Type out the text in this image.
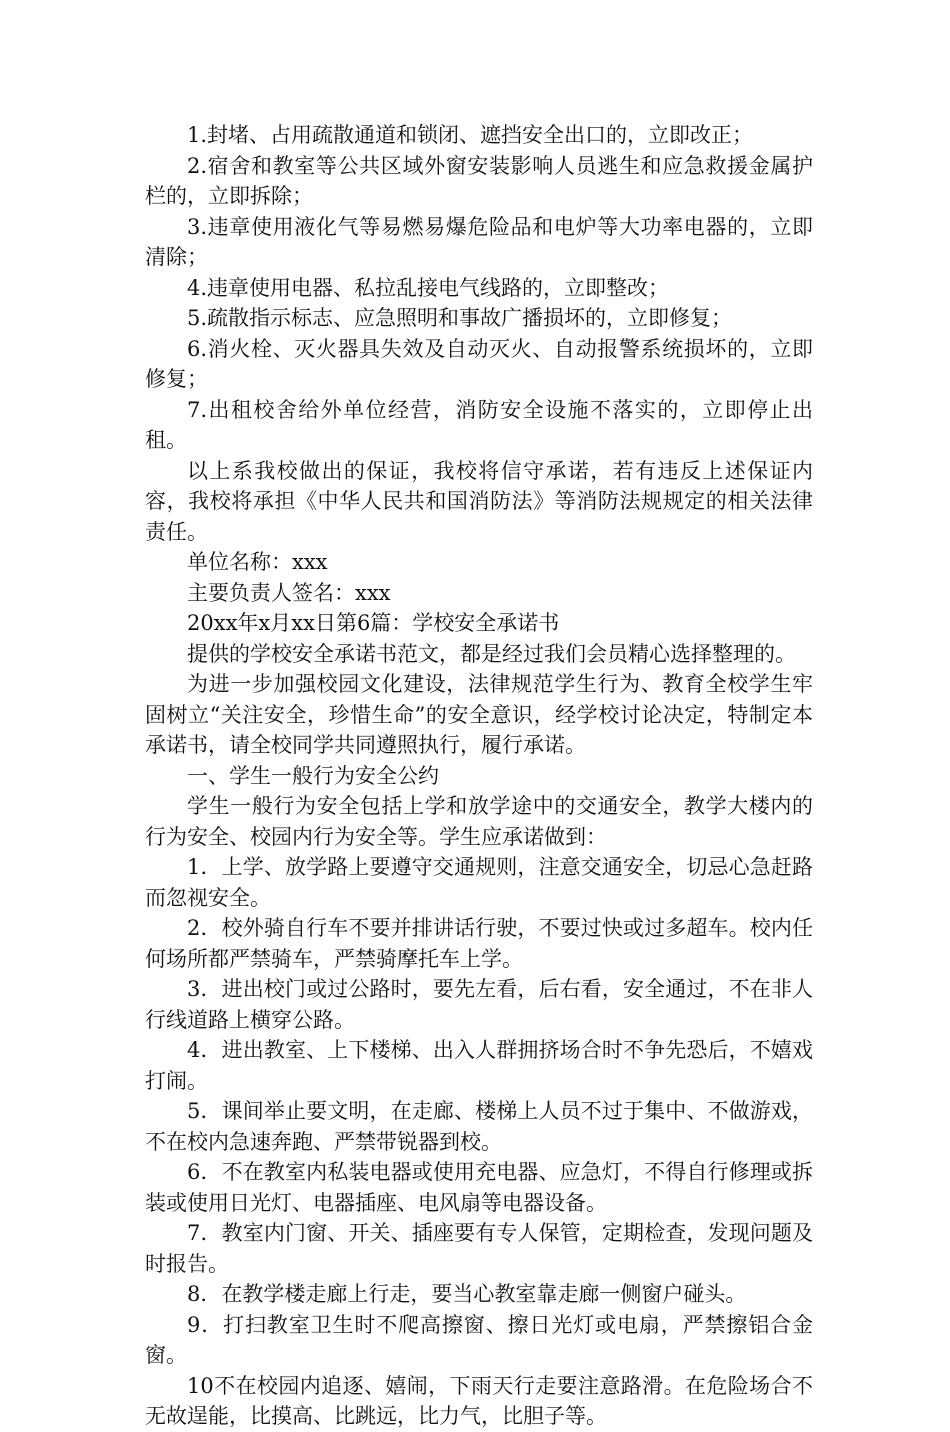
1.封堵、占用疏散通道和锁闭、遮挡安全出口的，立即改正；

2.宿舍和教室等公共区域外窗安装影响人员逃生和应急救援金属护栏的，立即拆除；

3.违章使用液化气等易燃易爆危险品和电炉等大功率电器的，立即清除；

4.违章使用电器、私拉乱接电气线路的，立即整改；

5.疏散指示标志、应急照明和事故广播损坏的，立即修复；

6.消火栓、灭火器具失效及自动灭火、自动报警系统损坏的，立即修复；

7.出租校舍给外单位经营，消防安全设施不落实的，立即停止出租。

以上系我校做出的保证，我校将信守承诺，若有违反上述保证内容，我校将承担《中华人民共和国消防法》等消防法规规定的相关法律责任。

单位名称：xxx

主要负责人签名：xxx

20xx年x月xx日第6篇：学校安全承诺书

提供的学校安全承诺书范文，都是经过我们会员精心选择整理的。

为进一步加强校园文化建设，法律规范学生行为、教育全校学生牢固树立“关注安全，珍惜生命”的安全意识，经学校讨论决定，特制定本承诺书，请全校同学共同遵照执行，履行承诺。

一、学生一般行为安全公约

学生一般行为安全包括上学和放学途中的交通安全，教学大楼内的行为安全、校园内行为安全等。学生应承诺做到：

1．上学、放学路上要遵守交通规则，注意交通安全，切忌心急赶路而忽视安全。

2．校外骑自行车不要并排讲话行驶，不要过快或过多超车。校内任何场所都严禁骑车，严禁骑摩托车上学。

3．进出校门或过公路时，要先左看，后右看，安全通过，不在非人行线道路上横穿公路。

4．进出教室、上下楼梯、出入人群拥挤场合时不争先恐后，不嬉戏打闹。

5．课间举止要文明，在走廊、楼梯上人员不过于集中、不做游戏，不在校内急速奔跑、严禁带锐器到校。

6．不在教室内私装电器或使用充电器、应急灯，不得自行修理或拆装或使用日光灯、电器插座、电风扇等电器设备。

7．教室内门窗、开关、插座要有专人保管，定期检查，发现问题及时报告。

8．在教学楼走廊上行走，要当心教室靠走廊一侧窗户碰头。

9．打扫教室卫生时不爬高擦窗、擦日光灯或电扇，严禁擦铝合金窗。

10不在校园内追逐、嬉闹，下雨天行走要注意路滑。在危险场合不无故逞能，比摸高、比跳远，比力气，比胆子等。
